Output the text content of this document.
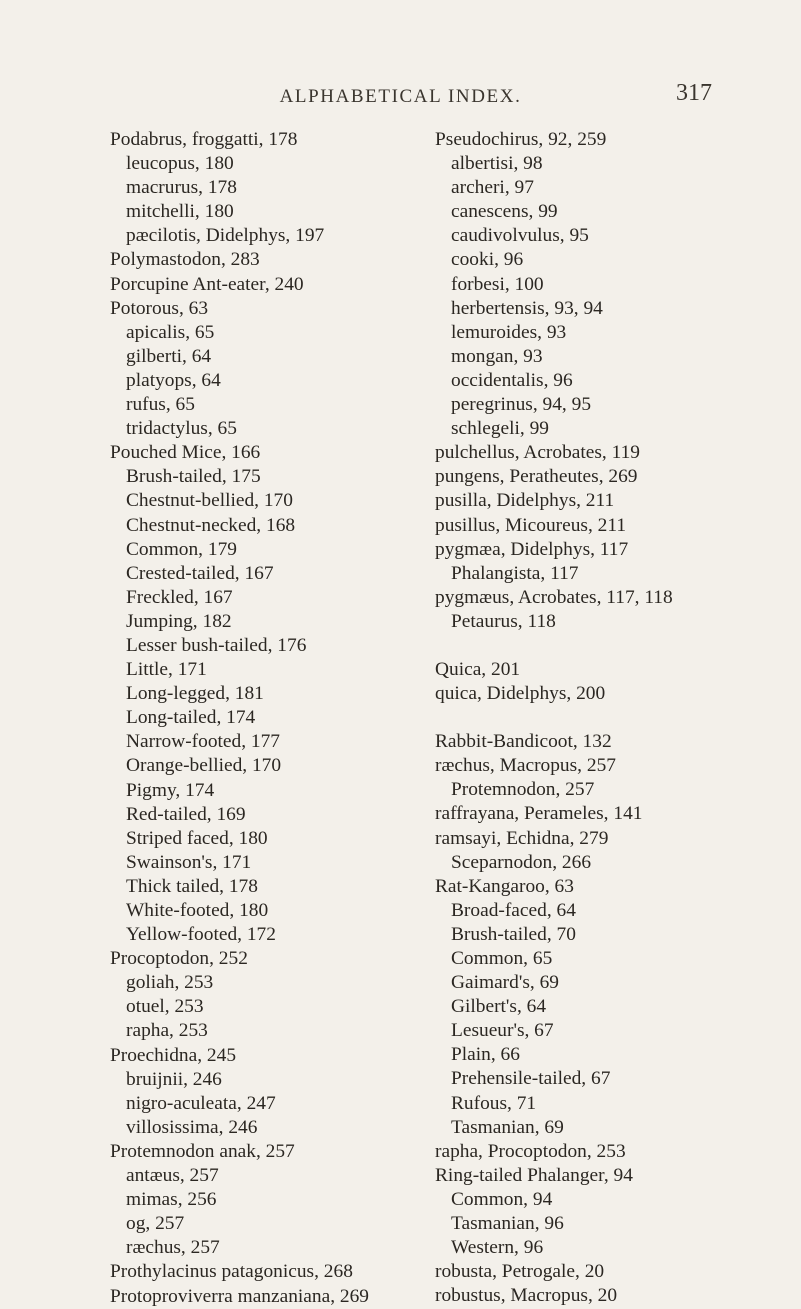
ALPHABETICAL INDEX.	317
Podabrus, froggatti, 178
leucopus, 180
macrurus, 178
mitchelli, 180
pæcilotis, Didelphys, 197
Polymastodon, 283
Porcupine Ant-eater, 240
Potorous, 63
apicalis, 65
gilberti, 64
platyops, 64
rufus, 65
tridactylus, 65
Pouched Mice, 166
Brush-tailed, 175
Chestnut-bellied, 170
Chestnut-necked, 168
Common, 179
Crested-tailed, 167
Freckled, 167
Jumping, 182
Lesser bush-tailed, 176
Little, 171
Long-legged, 181
Long-tailed, 174
Narrow-footed, 177
Orange-bellied, 170
Pigmy, 174
Red-tailed, 169
Striped faced, 180
Swainson's, 171
Thick tailed, 178
White-footed, 180
Yellow-footed, 172
Procoptodon, 252
goliah, 253
otuel, 253
rapha, 253
Proechidna, 245
bruijnii, 246
nigro-aculeata, 247
villosissima, 246
Protemnodon anak, 257
antæus, 257
mimas, 256
og, 257
ræchus, 257
Prothylacinus patagonicus, 268
Protoproviverra manzaniana, 269
Pseudochirus, 92, 259
albertisi, 98
archeri, 97
canescens, 99
caudivolvulus, 95
cooki, 96
forbesi, 100
herbertensis, 93, 94
lemuroides, 93
mongan, 93
occidentalis, 96
peregrinus, 94, 95
schlegeli, 99
pulchellus, Acrobates, 119
pungens, Peratheutes, 269
pusilla, Didelphys, 211
pusillus, Micoureus, 211
pygmæa, Didelphys, 117
Phalangista, 117
pygmæus, Acrobates, 117, 118
Petaurus, 118
Quica, 201
quica, Didelphys, 200
Rabbit-Bandicoot, 132
ræchus, Macropus, 257
Protemnodon, 257
raffrayana, Perameles, 141
ramsayi, Echidna, 279
Sceparnodon, 266
Rat-Kangaroo, 63
Broad-faced, 64
Brush-tailed, 70
Common, 65
Gaimard's, 69
Gilbert's, 64
Lesueur's, 67
Plain, 66
Prehensile-tailed, 67
Rufous, 71
Tasmanian, 69
rapha, Procoptodon, 253
Ring-tailed Phalanger, 94
Common, 94
Tasmanian, 96
Western, 96
robusta, Petrogale, 20
robustus, Macropus, 20
